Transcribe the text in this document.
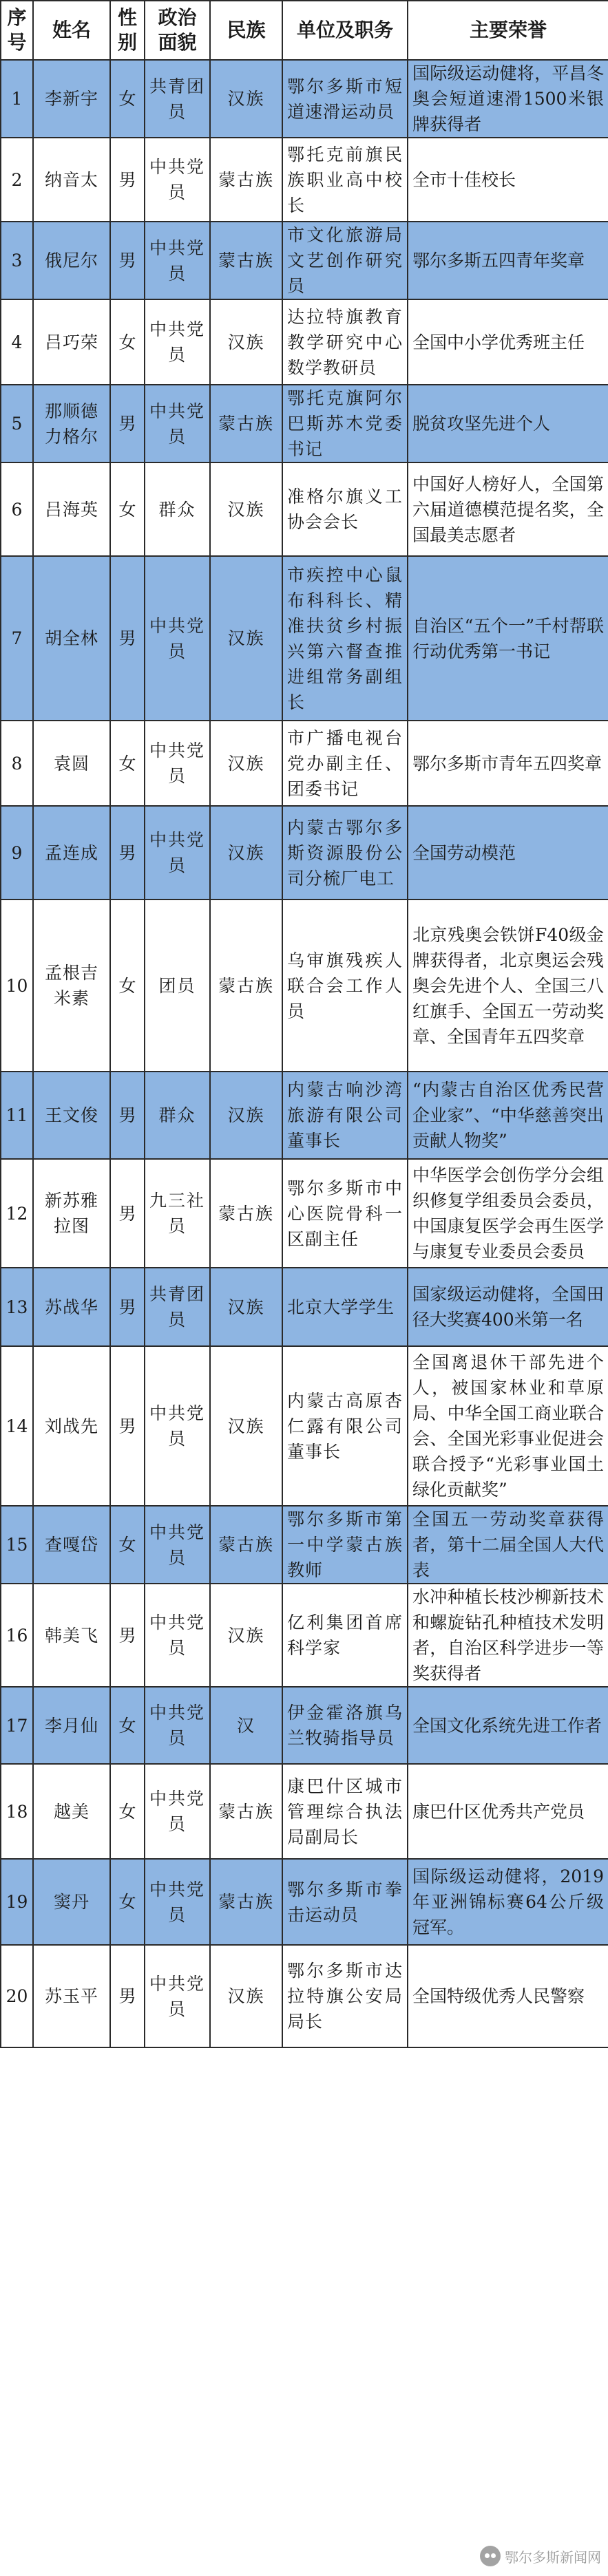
序号	姓名	性别	政治面貌	民族	单位及职务	主要荣誉
1	李新宇	女	共青团员	汉族	鄂尔多斯市短道速滑运动员	国际级运动健将，平昌冬奥会短道速滑1500米银牌获得者
2	纳音太	男	中共党员	蒙古族	鄂托克前旗民族职业高中校长	全市十佳校长
3	俄尼尔	男	中共党员	蒙古族	市文化旅游局文艺创作研究员	鄂尔多斯五四青年奖章
4	吕巧荣	女	中共党员	汉族	达拉特旗教育教学研究中心数学教研员	全国中小学优秀班主任
5	那顺德力格尔	男	中共党员	蒙古族	鄂托克旗阿尔巴斯苏木党委书记	脱贫攻坚先进个人
6	吕海英	女	群众	汉族	准格尔旗义工协会会长	中国好人榜好人，全国第六届道德模范提名奖，全国最美志愿者
7	胡全林	男	中共党员	汉族	市疾控中心鼠布科科长、精准扶贫乡村振兴第六督查推进组常务副组长	自治区“五个一”千村帮联行动优秀第一书记
8	袁圆	女	中共党员	汉族	市广播电视台党办副主任、团委书记	鄂尔多斯市青年五四奖章
9	孟连成	男	中共党员	汉族	内蒙古鄂尔多斯资源股份公司分梳厂电工	全国劳动模范
10	孟根吉米素	女	团员	蒙古族	乌审旗残疾人联合会工作人员	北京残奥会铁饼F40级金牌获得者，北京奥运会残奥会先进个人、全国三八红旗手、全国五一劳动奖章、全国青年五四奖章
11	王文俊	男	群众	汉族	内蒙古响沙湾旅游有限公司董事长	“内蒙古自治区优秀民营企业家”、“中华慈善突出贡献人物奖”
12	新苏雅拉图	男	九三社员	蒙古族	鄂尔多斯市中心医院骨科一区副主任	中华医学会创伤学分会组织修复学组委员会委员，中国康复医学会再生医学与康复专业委员会委员
13	苏战华	男	共青团员	汉族	北京大学学生	国家级运动健将，全国田径大奖赛400米第一名
14	刘战先	男	中共党员	汉族	内蒙古高原杏仁露有限公司董事长	全国离退休干部先进个人，被国家林业和草原局、中华全国工商业联合会、全国光彩事业促进会联合授予“光彩事业国土绿化贡献奖”
15	查嘎岱	女	中共党员	蒙古族	鄂尔多斯市第一中学蒙古族教师	全国五一劳动奖章获得者，第十二届全国人大代表
16	韩美飞	男	中共党员	汉族	亿利集团首席科学家	水冲种植长枝沙柳新技术和螺旋钻孔种植技术发明者，自治区科学进步一等奖获得者
17	李月仙	女	中共党员	汉	伊金霍洛旗乌兰牧骑指导员	全国文化系统先进工作者
18	越美	女	中共党员	蒙古族	康巴什区城市管理综合执法局副局长	康巴什区优秀共产党员
19	窦丹	女	中共党员	蒙古族	鄂尔多斯市拳击运动员	国际级运动健将，2019年亚洲锦标赛64公斤级冠军。
20	苏玉平	男	中共党员	汉族	鄂尔多斯市达拉特旗公安局局长	全国特级优秀人民警察
鄂尔多斯新闻网
